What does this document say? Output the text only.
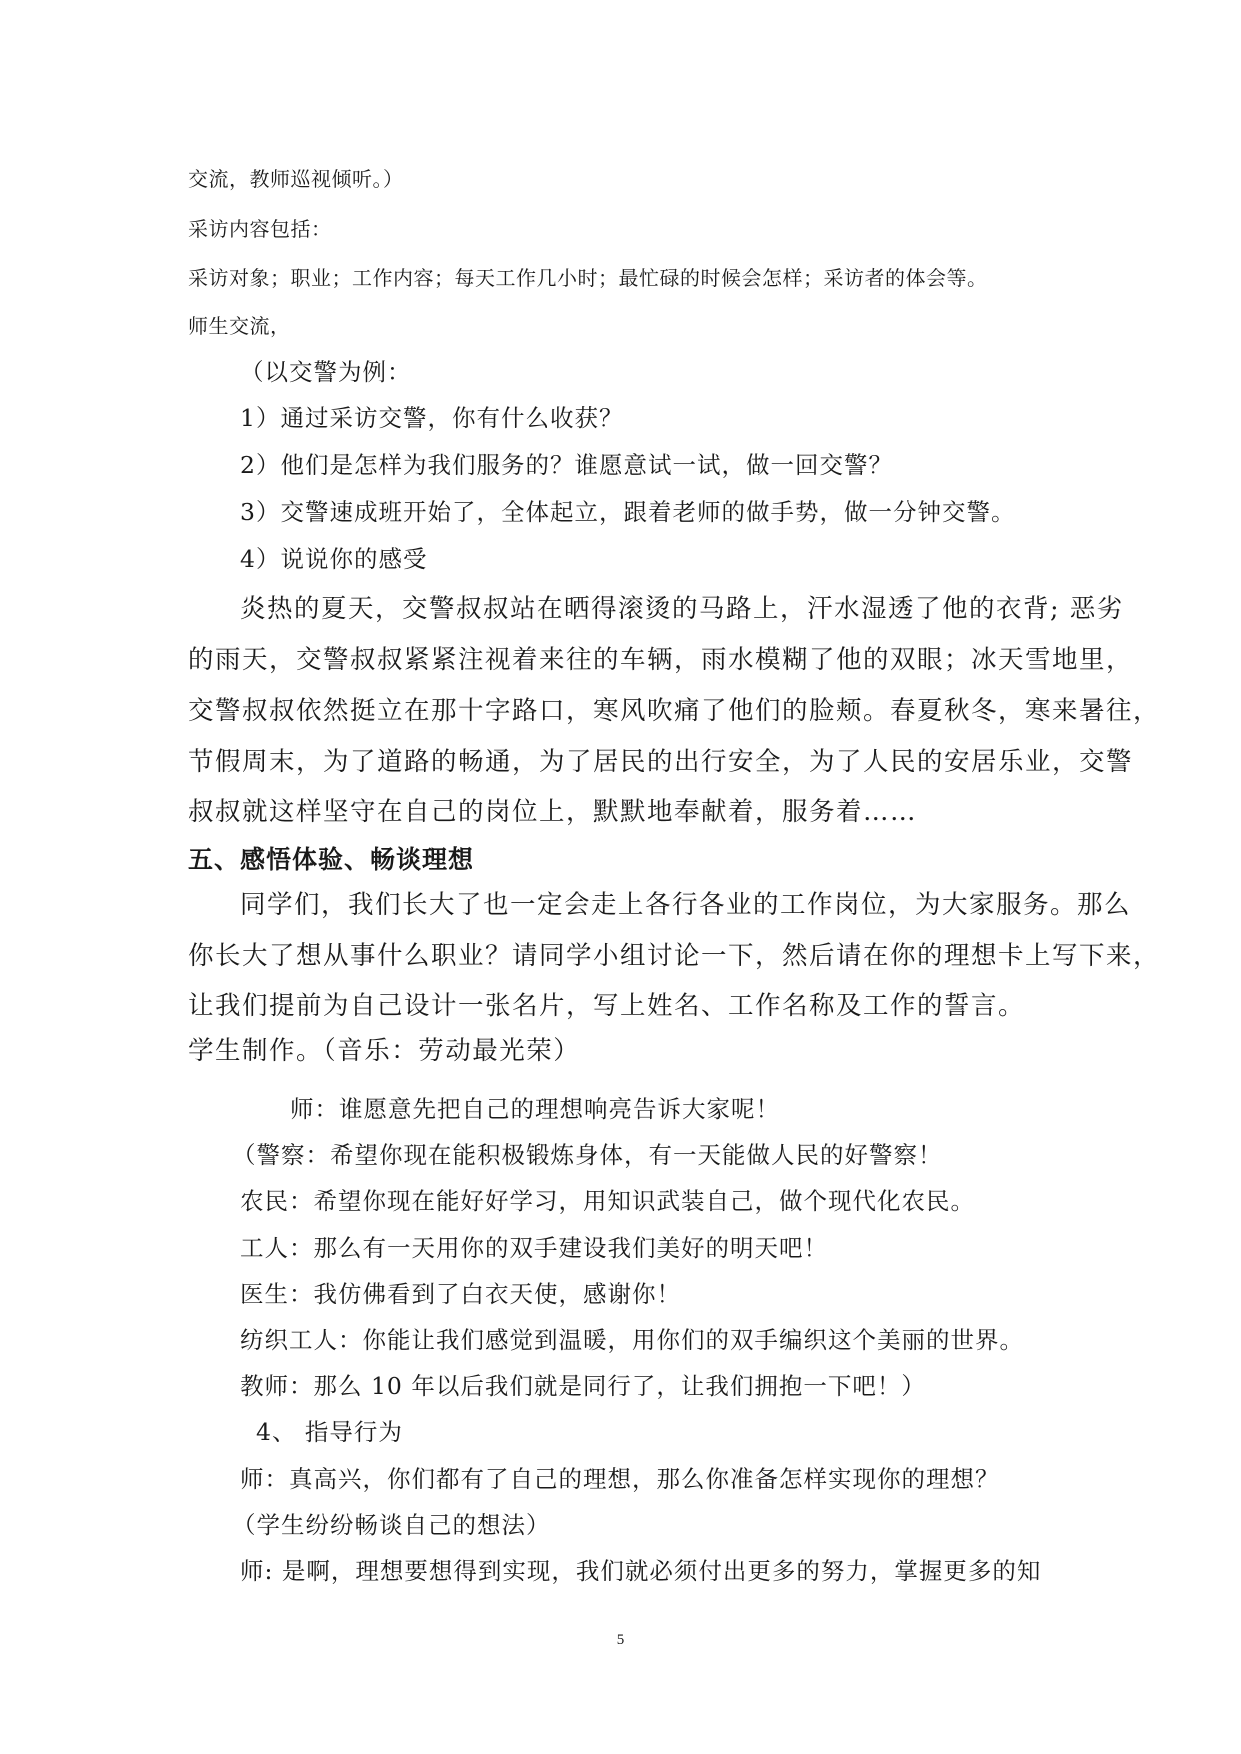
交流，教师巡视倾听。）

采访内容包括：

采访对象；职业；工作内容；每天工作几小时；最忙碌的时候会怎样；采访者的体会等。

师生交流，

（以交警为例：

1）通过采访交警，你有什么收获？

2）他们是怎样为我们服务的？谁愿意试一试，做一回交警？

3）交警速成班开始了，全体起立，跟着老师的做手势，做一分钟交警。

4）说说你的感受

炎热的夏天，交警叔叔站在晒得滚烫的马路上，汗水湿透了他的衣背; 恶劣

的雨天，交警叔叔紧紧注视着来往的车辆，雨水模糊了他的双眼；冰天雪地里，

交警叔叔依然挺立在那十字路口，寒风吹痛了他们的脸颊。春夏秋冬，寒来暑往，

节假周末，为了道路的畅通，为了居民的出行安全，为了人民的安居乐业，交警

叔叔就这样坚守在自己的岗位上，默默地奉献着，服务着……

五、感悟体验、畅谈理想

同学们，我们长大了也一定会走上各行各业的工作岗位，为大家服务。那么

你长大了想从事什么职业？请同学小组讨论一下，然后请在你的理想卡上写下来，

让我们提前为自己设计一张名片，写上姓名、工作名称及工作的誓言。

学生制作。（音乐：劳动最光荣）

师：谁愿意先把自己的理想响亮告诉大家呢！

（警察：希望你现在能积极锻炼身体，有一天能做人民的好警察！

农民：希望你现在能好好学习，用知识武装自己，做个现代化农民。

工人：那么有一天用你的双手建设我们美好的明天吧！

医生：我仿佛看到了白衣天使，感谢你！

纺织工人：你能让我们感觉到温暖，用你们的双手编织这个美丽的世界。

教师：那么 10 年以后我们就是同行了，让我们拥抱一下吧！）

4、 指导行为

师：真高兴，你们都有了自己的理想，那么你准备怎样实现你的理想？

（学生纷纷畅谈自己的想法）

师: 是啊，理想要想得到实现，我们就必须付出更多的努力，掌握更多的知

5
